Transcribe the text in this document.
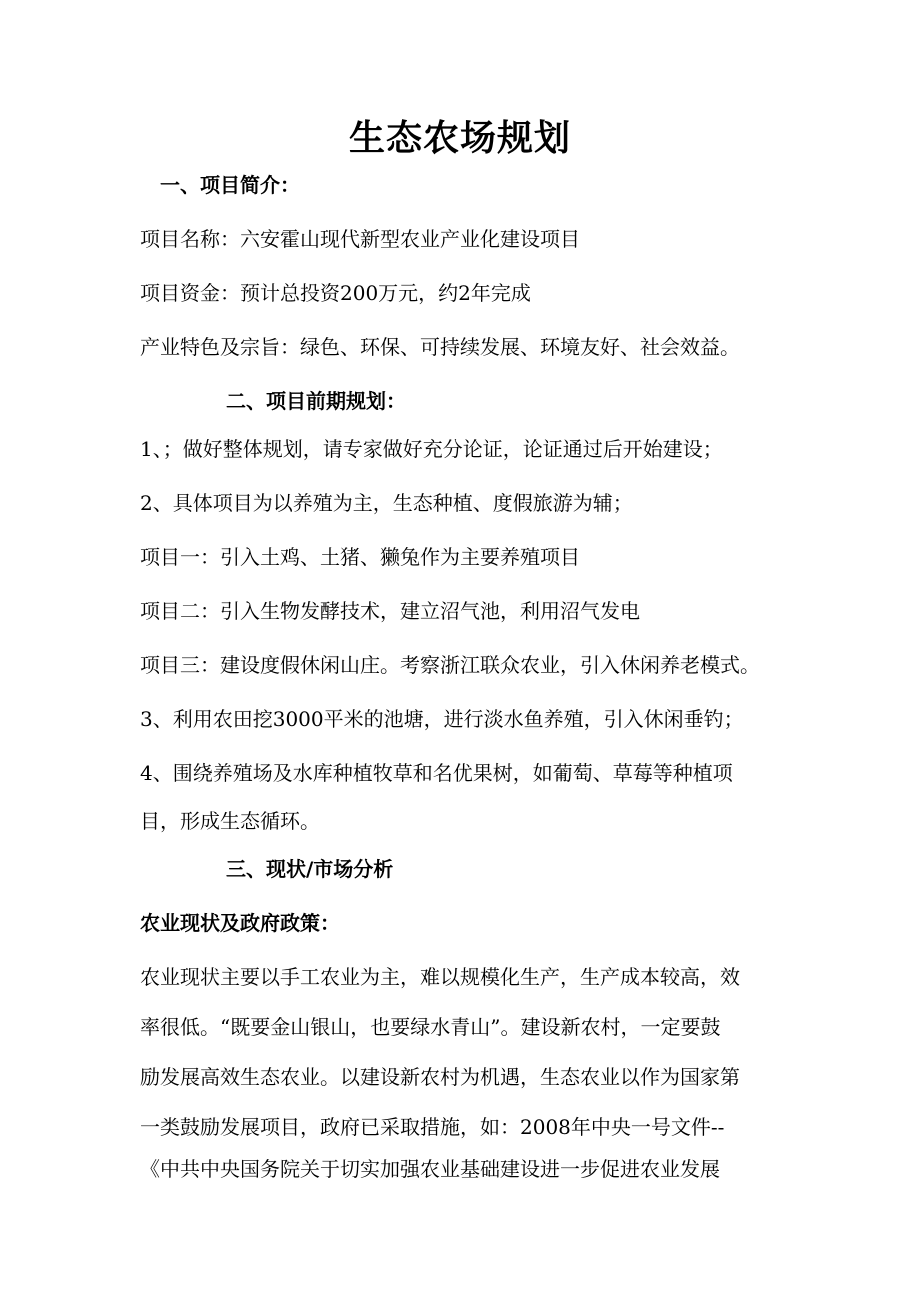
生态农场规划

一、项目简介：

项目名称：六安霍山现代新型农业产业化建设项目

项目资金：预计总投资200万元，约2年完成

产业特色及宗旨：绿色、环保、可持续发展、环境友好、社会效益。

二、项目前期规划：

1、；做好整体规划，请专家做好充分论证，论证通过后开始建设；

2、具体项目为以养殖为主，生态种植、度假旅游为辅；

项目一：引入土鸡、土猪、獭兔作为主要养殖项目

项目二：引入生物发酵技术，建立沼气池，利用沼气发电

项目三：建设度假休闲山庄。考察浙江联众农业，引入休闲养老模式。

3、利用农田挖3000平米的池塘，进行淡水鱼养殖，引入休闲垂钓；

4、围绕养殖场及水库种植牧草和名优果树，如葡萄、草莓等种植项

目，形成生态循环。

三、现状/市场分析

农业现状及政府政策：

农业现状主要以手工农业为主，难以规模化生产，生产成本较高，效

率很低。“既要金山银山，也要绿水青山”。建设新农村，一定要鼓

励发展高效生态农业。以建设新农村为机遇，生态农业以作为国家第

一类鼓励发展项目，政府已采取措施，如：2008年中央一号文件--

《中共中央国务院关于切实加强农业基础建设进一步促进农业发展
